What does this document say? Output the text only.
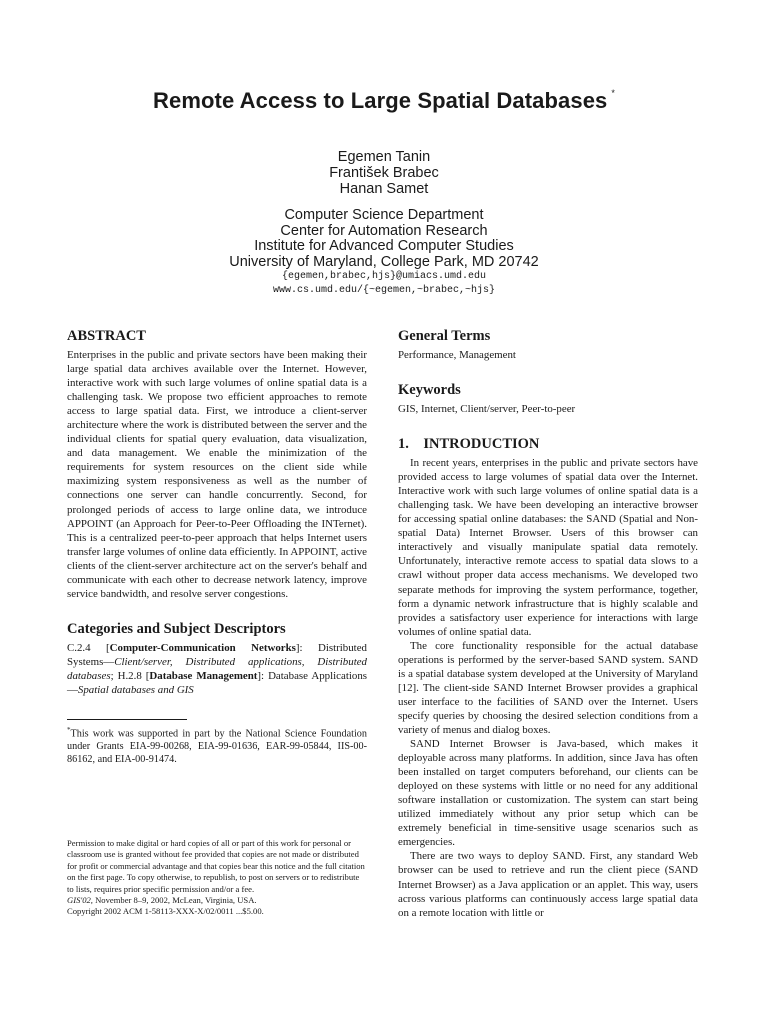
Remote Access to Large Spatial Databases *
Egemen Tanin
František Brabec
Hanan Samet
Computer Science Department
Center for Automation Research
Institute for Advanced Computer Studies
University of Maryland, College Park, MD 20742
{egemen,brabec,hjs}@umiacs.umd.edu
www.cs.umd.edu/{~egemen,~brabec,~hjs}
ABSTRACT

Enterprises in the public and private sectors have been making their large spatial data archives available over the Internet. However, interactive work with such large volumes of online spatial data is a challenging task. We propose two efficient approaches to remote access to large spatial data. First, we introduce a client-server architecture where the work is distributed between the server and the individual clients for spatial query evaluation, data visualization, and data management. We enable the minimization of the requirements for system resources on the client side while maximizing system responsiveness as well as the number of connections one server can handle concurrently. Second, for prolonged periods of access to large online data, we introduce APPOINT (an Approach for Peer-to-Peer Offloading the INTernet). This is a centralized peer-to-peer approach that helps Internet users transfer large volumes of online data efficiently. In APPOINT, active clients of the client-server architecture act on the server's behalf and communicate with each other to decrease network latency, improve service bandwidth, and resolve server congestions.

Categories and Subject Descriptors

C.2.4 [Computer-Communication Networks]: Distributed Systems—Client/server, Distributed applications, Distributed databases; H.2.8 [Database Management]: Database Applications—Spatial databases and GIS

*This work was supported in part by the National Science Foundation under Grants EIA-99-00268, EIA-99-01636, EAR-99-05844, IIS-00-86162, and EIA-00-91474.

Permission to make digital or hard copies of all or part of this work for personal or classroom use is granted without fee provided that copies are not made or distributed for profit or commercial advantage and that copies bear this notice and the full citation on the first page. To copy otherwise, to republish, to post on servers or to redistribute to lists, requires prior specific permission and/or a fee.

GIS'02, November 8–9, 2002, McLean, Virginia, USA.

Copyright 2002 ACM 1-58113-XXX-X/02/0011 ...$5.00.

General Terms

Performance, Management

Keywords

GIS, Internet, Client/server, Peer-to-peer

1.    INTRODUCTION

In recent years, enterprises in the public and private sectors have provided access to large volumes of spatial data over the Internet. Interactive work with such large volumes of online spatial data is a challenging task. We have been developing an interactive browser for accessing spatial online databases: the SAND (Spatial and Non-spatial Data) Internet Browser. Users of this browser can interactively and visually manipulate spatial data remotely. Unfortunately, interactive remote access to spatial data slows to a crawl without proper data access mechanisms. We developed two separate methods for improving the system performance, together, form a dynamic network infrastructure that is highly scalable and provides a satisfactory user experience for interactions with large volumes of online spatial data.

The core functionality responsible for the actual database operations is performed by the server-based SAND system. SAND is a spatial database system developed at the University of Maryland [12]. The client-side SAND Internet Browser provides a graphical user interface to the facilities of SAND over the Internet. Users specify queries by choosing the desired selection conditions from a variety of menus and dialog boxes.

SAND Internet Browser is Java-based, which makes it deployable across many platforms. In addition, since Java has often been installed on target computers beforehand, our clients can be deployed on these systems with little or no need for any additional software installation or customization. The system can start being utilized immediately without any prior setup which can be extremely beneficial in time-sensitive usage scenarios such as emergencies.

There are two ways to deploy SAND. First, any standard Web browser can be used to retrieve and run the client piece (SAND Internet Browser) as a Java application or an applet. This way, users across various platforms can continuously access large spatial data on a remote location with little or
